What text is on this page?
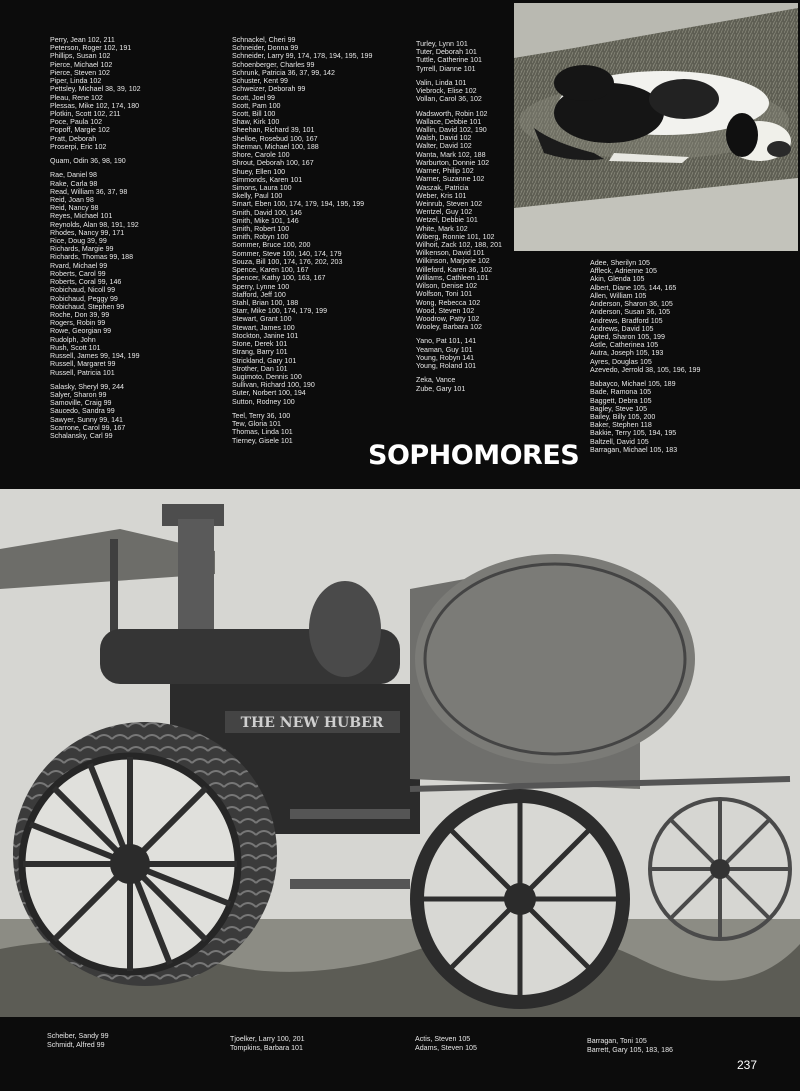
Perry, Jean 102, 211
Peterson, Roger 102, 191
Phillips, Susan 102
Pierce, Michael 102
Pierce, Steven 102
Piper, Linda 102
Pettsley, Michael 38, 39, 102
Pleau, Rene 102
Plessas, Mike 102, 174, 180
Plotkin, Scott 102, 211
Poce, Paula 102
Popoff, Margie 102
Pratt, Deborah
Proserpi, Eric 102
Quam, Odin 36, 98, 190
Rae, Daniel 98
Rake, Carla 98
Read, William 36, 37, 98
Reid, Joan 98
Reid, Nancy 98
Reyes, Michael 101
Reynolds, Alan 98, 191, 192
Rhodes, Nancy 99, 171
Rice, Doug 39, 99
Richards, Margie 99
Richards, Thomas 99, 188
Rvard, Michael 99
Roberts, Carol 99
Roberts, Coral 99, 146
Robichaud, Nicoll 99
Robichaud, Peggy 99
Robichaud, Stephen 99
Roche, Don 39, 99
Rogers, Robin 99
Rowe, Georgian 99
Rudolph, John
Rush, Scott 101
Russell, James 99, 194, 199
Russell, Margaret 99
Russell, Patricia 101
Salasky, Sheryl 99, 244
Salyer, Sharon 99
Samoville, Craig 99
Saucedo, Sandra 99
Sawyer, Sunny 99, 141
Scarrone, Carol 99, 167
Schalansky, Carl 99
Schnackel, Cheri 99
Schneider, Donna 99
Schneider, Larry 99, 174, 178, 194, 195, 199
Schoenberger, Charles 99
Schrunk, Patricia 36, 37, 99, 142
Schuster, Kent 99
Schweizer, Deborah 99
Scott, Joel 99
Scott, Pam 100
Scott, Bill 100
Shaw, Kirk 100
Sheehan, Richard 39, 101
Shelloe, Rosebud 100, 167
Sherman, Michael 100, 188
Shore, Carole 100
Shrout, Deborah 100, 167
Shuey, Ellen 100
Simmonds, Karen 101
Simons, Laura 100
Skelly, Paul 100
Smart, Eben 100, 174, 179, 194, 195, 199
Smith, David 100, 146
Smith, Mike 101, 146
Smith, Robert 100
Smith, Robyn 100
Sommer, Bruce 100, 200
Sommer, Steve 100, 140, 174, 179
Souza, Bill 100, 174, 176, 202, 203
Spence, Karen 100, 167
Spencer, Kathy 100, 163, 167
Sperry, Lynne 100
Stafford, Jeff 100
Stahl, Brian 100, 188
Starr, Mike 100, 174, 179, 199
Stewart, Grant 100
Stewart, James 100
Stockton, Janine 101
Stone, Derek 101
Strang, Barry 101
Strickland, Gary 101
Strother, Dan 101
Sugimoto, Dennis 100
Sullivan, Richard 100, 190
Suter, Norbert 100, 194
Sutton, Rodney 100
Teel, Terry 36, 100
Tew, Gloria 101
Thomas, Linda 101
Tierney, Gisele 101
Turley, Lynn 101
Tuter, Deborah 101
Tuttle, Catherine 101
Tyrrell, Dianne 101
Valin, Linda 101
Viebrock, Elise 102
Vollan, Carol 36, 102
Wadsworth, Robin 102
Wallace, Debbie 101
Wallin, David 102, 190
Walsh, David 102
Walter, David 102
Wanta, Mark 102, 188
Warburton, Donnie 102
Warner, Philip 102
Warner, Suzanne 102
Waszak, Patricia
Weber, Kris 101
Weinrub, Steven 102
Wentzel, Guy 102
Wetzel, Debbie 101
White, Mark 102
Wiberg, Ronnie 101, 102
Wilhoit, Zack 102, 188, 201
Wilkenson, David 101
Wilkinson, Marjorie 102
Willeford, Karen 36, 102
Williams, Cathleen 101
Wilson, Denise 102
Wolfson, Toni 101
Wong, Rebecca 102
Wood, Steven 102
Woodrow, Patty 102
Wooley, Barbara 102
Yano, Pat 101, 141
Yeaman, Guy 101
Young, Robyn 141
Young, Roland 101
Zeka, Vance
Zube, Gary 101
Adee, Sherilyn 105
Affleck, Adrienne 105
Akin, Glenda 105
Albert, Diane 105, 144, 165
Allen, William 105
Anderson, Sharon 36, 105
Anderson, Susan 36, 105
Andrews, Bradford 105
Andrews, David 105
Apted, Sharon 105, 199
Astle, Catherinea 105
Autra, Joseph 105, 193
Ayres, Douglas 105
Azevedo, Jerrold 38, 105, 196, 199
Babayco, Michael 105, 189
Bade, Ramona 105
Baggett, Debra 105
Bagley, Steve 105
Bailey, Billy 105, 200
Baker, Stephen 118
Bakkie, Terry 105, 194, 195
Baltzell, David 105
Barragan, Michael 105, 183
SOPHOMORES
THE NEW HUBER
Scheiber, Sandy 99
Schmidt, Alfred 99
Tjoelker, Larry 100, 201
Tompkins, Barbara 101
Actis, Steven 105
Adams, Steven 105
Barragan, Toni 105
Barrett, Gary 105, 183, 186
237
